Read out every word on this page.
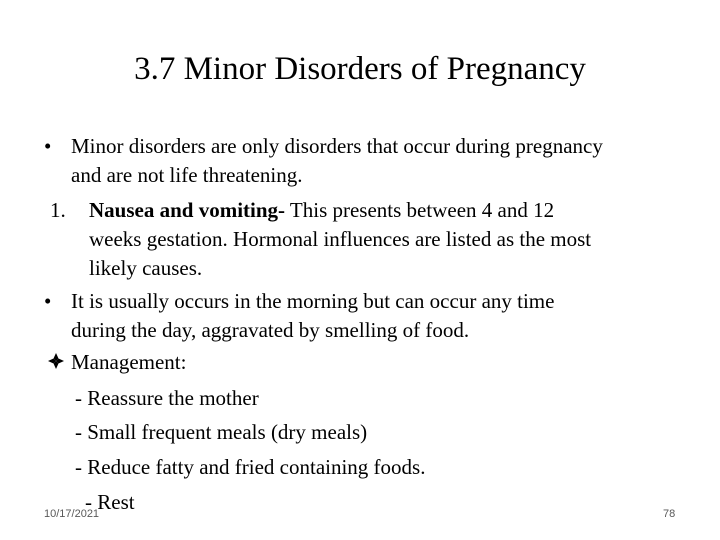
3.7 Minor Disorders of Pregnancy
• Minor disorders are only disorders that occur during pregnancy
and are not life threatening.
1. Nausea and vomiting- This presents between 4 and 12
weeks gestation. Hormonal influences are listed as the most
likely causes.
• It is usually occurs in the morning but can occur any time
during the day, aggravated by smelling of food.
Management:
- Reassure the mother
- Small frequent meals (dry meals)
- Reduce fatty and fried containing foods.
- Rest
10/17/2021	78
